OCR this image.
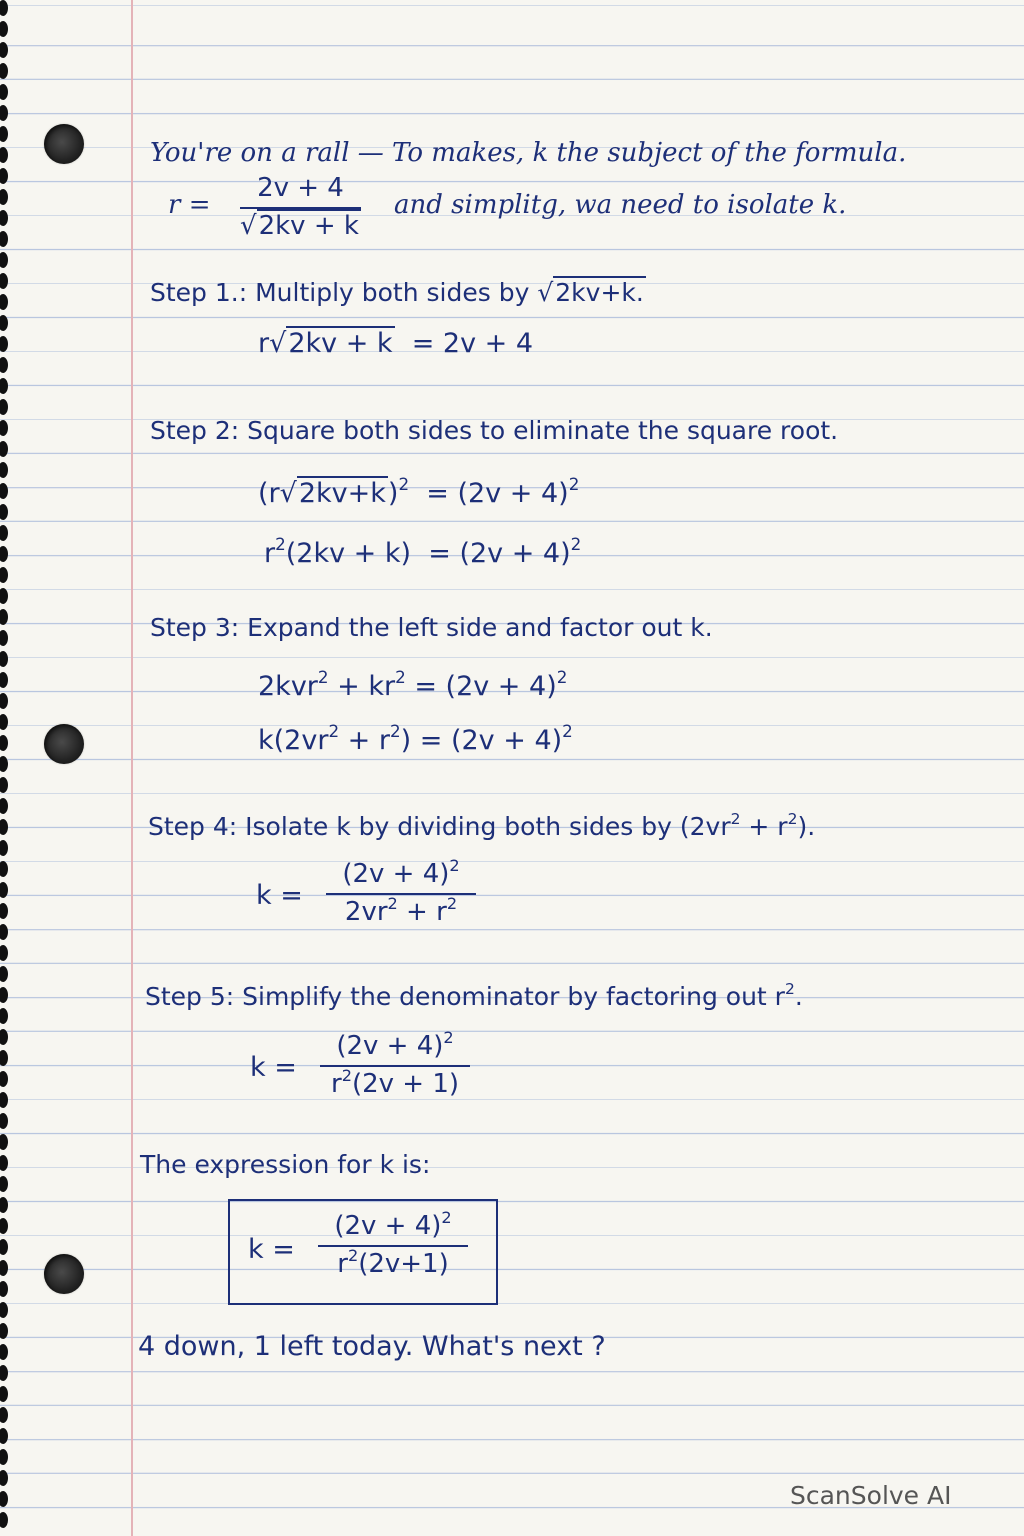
You're on a rall — To makes, k the subject of the formula.
r =
2v + 4
√2kv + k
and simplitg, wa need to isolate k.
Step 1.: Multiply both sides by √2kv+k.
r√2kv + k = 2v + 4
Step 2: Square both sides to eliminate the square root.
$(r√2kv+k)^2 = (2v + 4)^2$
$r^2(2kv + k) = (2v + 4)^2$
Step 3: Expand the left side and factor out k.
$2kvr^2 + kr^2 = (2v + 4)^2$
$k(2vr^2 + r^2) = (2v + 4)^2$
Step 4: Isolate k by dividing both sides by $(2vr^2 + r^2)$.
k =
$(2v + 4)^2$
$2vr^2 + r^2$
Step 5: Simplify the denominator by factoring out $r^2$.
k =
$(2v + 4)^2$
$r^2(2v + 1)$
The expression for k is:
k =
$(2v + 4)^2$
$r^2(2v+1)$
4 down, 1 left today. What's next ?
ScanSolve AI
